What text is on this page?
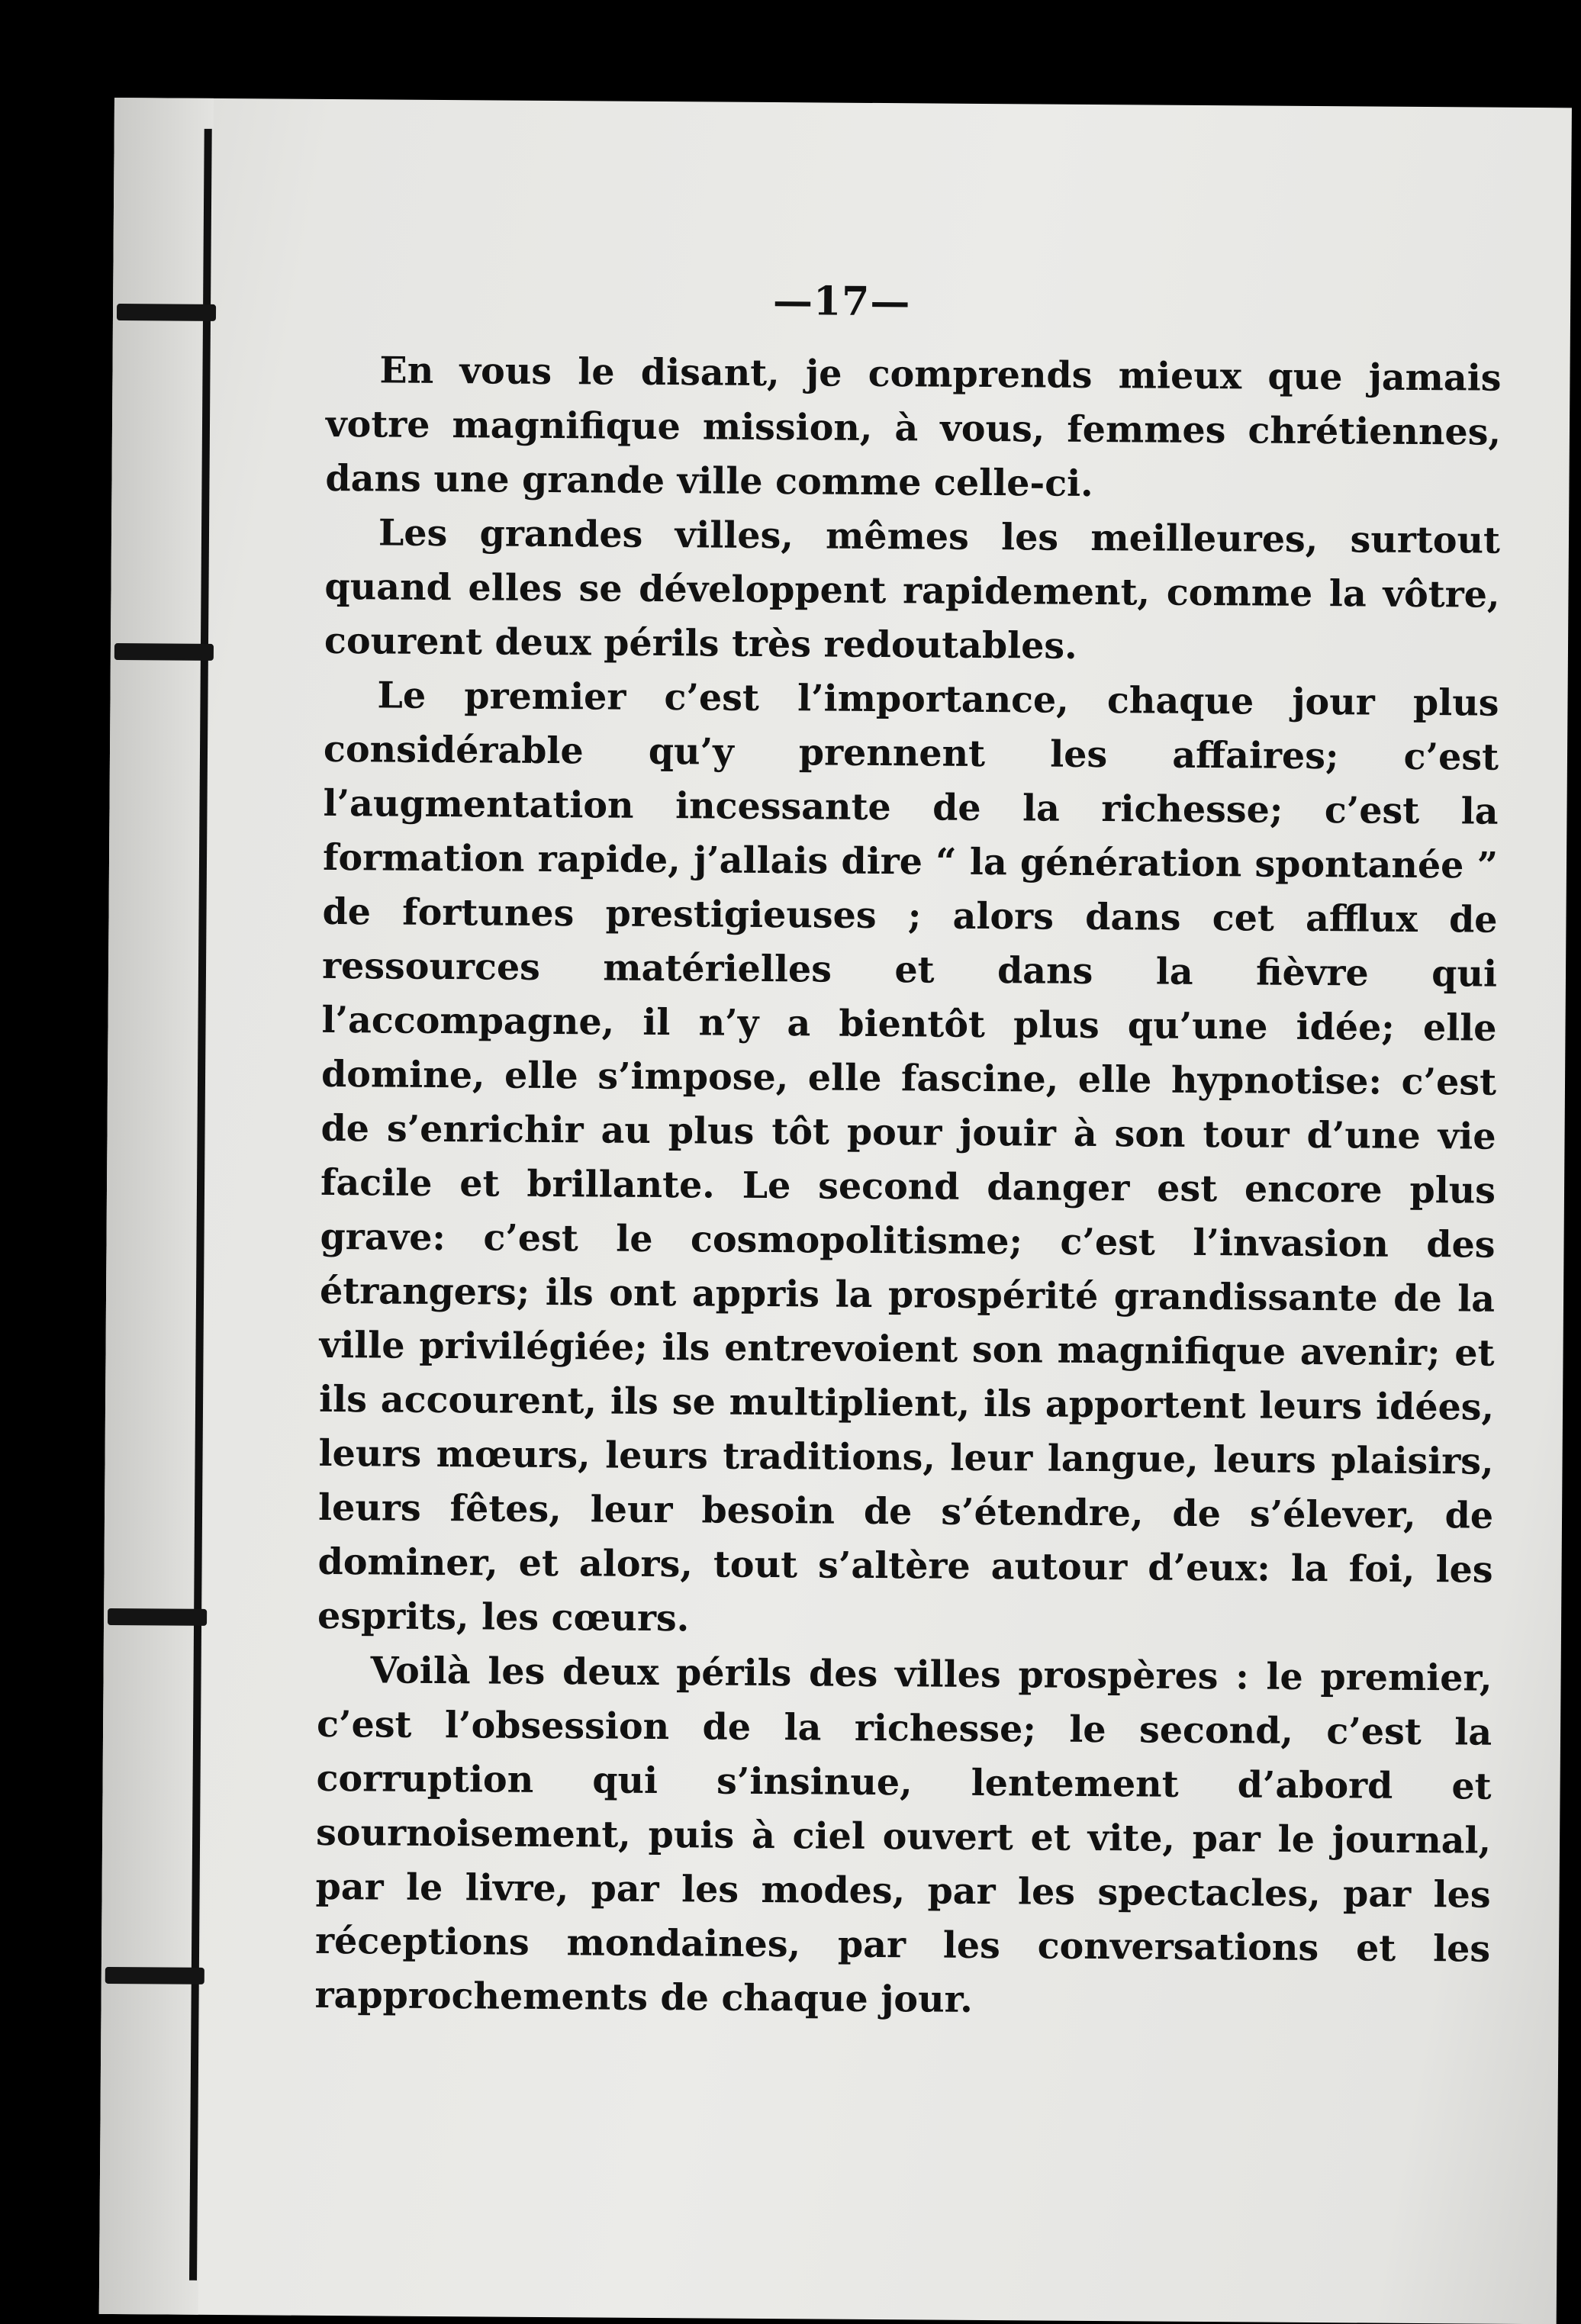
—17—

En vous le disant, je comprends mieux que jamais votre magnifique mission, à vous, femmes chrétiennes, dans une grande ville comme celle-ci.

Les grandes villes, mêmes les meilleures, surtout quand elles se développent rapidement, comme la vôtre, courent deux périls très redoutables.

Le premier c’est l’importance, chaque jour plus considérable qu’y prennent les affaires; c’est l’augmentation incessante de la richesse; c’est la formation rapide, j’allais dire “ la génération spontanée ” de fortunes prestigieuses ; alors dans cet afflux de ressources matérielles et dans la fièvre qui l’accompagne, il n’y a bientôt plus qu’une idée; elle domine, elle s’impose, elle fascine, elle hypnotise: c’est de s’enrichir au plus tôt pour jouir à son tour d’une vie facile et brillante. Le second danger est encore plus grave: c’est le cosmopolitisme; c’est l’invasion des étrangers; ils ont appris la prospérité grandissante de la ville privilégiée; ils entrevoient son magnifique avenir; et ils accourent, ils se multiplient, ils apportent leurs idées, leurs mœurs, leurs traditions, leur langue, leurs plaisirs, leurs fêtes, leur besoin de s’étendre, de s’élever, de dominer, et alors, tout s’altère autour d’eux: la foi, les esprits, les cœurs.

Voilà les deux périls des villes prospères : le premier, c’est l’obsession de la richesse; le second, c’est la corruption qui s’insinue, lentement d’abord et sournoisement, puis à ciel ouvert et vite, par le journal, par le livre, par les modes, par les spectacles, par les réceptions mondaines, par les conversations et les rapprochements de chaque jour.
